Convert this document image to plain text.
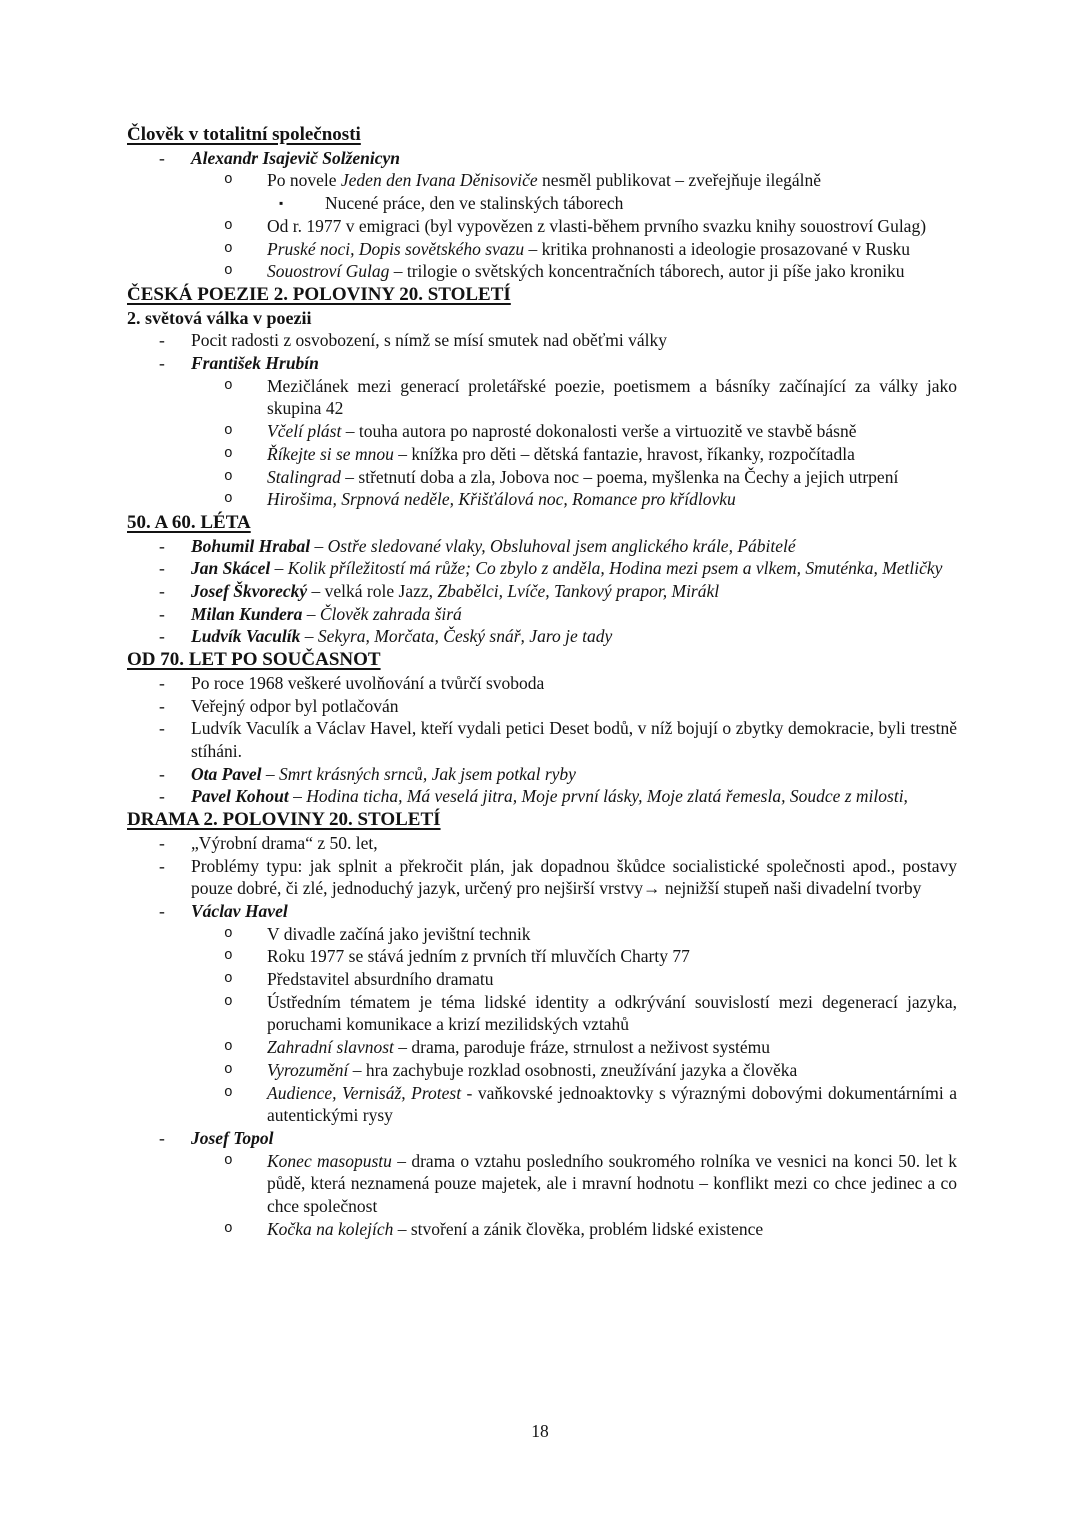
Člověk v totalitní společnosti
- Alexandr Isajevič Solženicyn
o Po novele Jeden den Ivana Děnisoviče nesměl publikovat – zveřejňuje ilegálně
▪ Nucené práce, den ve stalinských táborech
o Od r. 1977 v emigraci (byl vypovězen z vlasti-během prvního svazku knihy souostroví Gulag)
o Pruské noci, Dopis sovětského svazu – kritika prohnanosti a ideologie prosazované v Rusku
o Souostroví Gulag – trilogie o světských koncentračních táborech, autor ji píše jako kroniku
ČESKÁ POEZIE 2. POLOVINY 20. STOLETÍ
2. světová válka v poezii
- Pocit radosti z osvobození, s nímž se mísí smutek nad oběťmi války
- František Hrubín
o Mezičlánek mezi generací proletářské poezie, poetismem a básníky začínající za války jako skupina 42
o Včelí plást – touha autora po naprosté dokonalosti verše a virtuozitě ve stavbě básně
o Říkejte si se mnou – knížka pro děti – dětská fantazie, hravost, říkanky, rozpočítadla
o Stalingrad – střetnutí doba a zla, Jobova noc – poema, myšlenka na Čechy a jejich utrpení
o Hirošima, Srpnová neděle, Křišťálová noc, Romance pro křídlovku
50. A 60. LÉTA
- Bohumil Hrabal – Ostře sledované vlaky, Obsluhoval jsem anglického krále, Pábitelé
- Jan Skácel – Kolik příležitostí má růže; Co zbylo z anděla, Hodina mezi psem a vlkem, Smuténka, Metličky
- Josef Škvorecký – velká role Jazz, Zbabělci, Lvíče, Tankový prapor, Mirákl
- Milan Kundera – Člověk zahrada širá
- Ludvík Vaculík – Sekyra, Morčata, Český snář, Jaro je tady
OD 70. LET PO SOUČASNOT
- Po roce 1968 veškeré uvolňování a tvůrčí svoboda
- Veřejný odpor byl potlačován
- Ludvík Vaculík a Václav Havel, kteří vydali petici Deset bodů, v níž bojují o zbytky demokracie, byli trestně stíháni.
- Ota Pavel – Smrt krásných srnců, Jak jsem potkal ryby
- Pavel Kohout – Hodina ticha, Má veselá jitra, Moje první lásky, Moje zlatá řemesla, Soudce z milosti,
DRAMA 2. POLOVINY 20. STOLETÍ
- „Výrobní drama“ z 50. let,
- Problémy typu: jak splnit a překročit plán, jak dopadnou škůdce socialistické společnosti apod., postavy pouze dobré, či zlé, jednoduchý jazyk, určený pro nejširší vrstvy→ nejnižší stupeň naši divadelní tvorby
- Václav Havel
o V divadle začíná jako jevištní technik
o Roku 1977 se stává jedním z prvních tří mluvčích Charty 77
o Představitel absurdního dramatu
o Ústředním tématem je téma lidské identity a odkrývání souvislostí mezi degenerací jazyka, poruchami komunikace a krizí mezilidských vztahů
o Zahradní slavnost – drama, paroduje fráze, strnulost a neživost systému
o Vyrozumění – hra zachybuje rozklad osobnosti, zneužívání jazyka a člověka
o Audience, Vernisáž, Protest - vaňkovské jednoaktovky s výraznými dobovými dokumentárními a autentickými rysy
- Josef Topol
o Konec masopustu – drama o vztahu posledního soukromého rolníka ve vesnici na konci 50. let k půdě, která neznamená pouze majetek, ale i mravní hodnotu – konflikt mezi co chce jedinec a co chce společnost
o Kočka na kolejích – stvoření a zánik člověka, problém lidské existence
18
